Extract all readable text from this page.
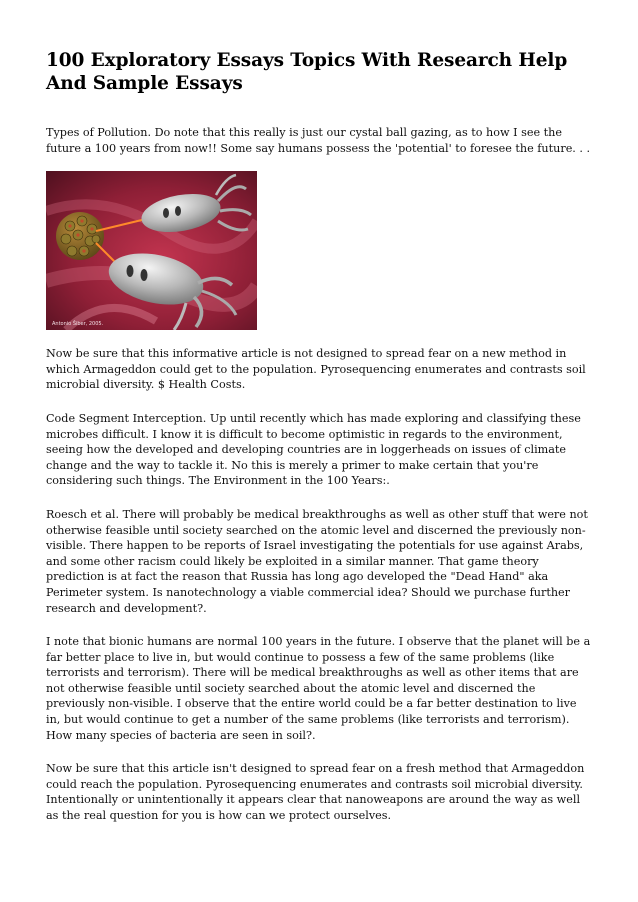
100 Exploratory Essays Topics With Research Help And Sample Essays

Types of Pollution. Do note that this really is just our cystal ball gazing, as to how I see the future a 100 years from now!! Some say humans possess the 'potential' to foresee the future. . .

Antonio Šiber, 2005.

Now be sure that this informative article is not designed to spread fear on a new method in which Armageddon could get to the population. Pyrosequencing enumerates and contrasts soil microbial diversity. $ Health Costs.

Code Segment Interception. Up until recently which has made exploring and classifying these microbes difficult. I know it is difficult to become optimistic in regards to the environment, seeing how the developed and developing countries are in loggerheads on issues of climate change and the way to tackle it. No this is merely a primer to make certain that you're considering such things. The Environment in the 100 Years:.

Roesch et al. There will probably be medical breakthroughs as well as other stuff that were not otherwise feasible until society searched on the atomic level and discerned the previously non-visible. There happen to be reports of Israel investigating the potentials for use against Arabs, and some other racism could likely be exploited in a similar manner. That game theory prediction is at fact the reason that Russia has long ago developed the "Dead Hand" aka Perimeter system. Is nanotechnology a viable commercial idea? Should we purchase further research and development?.

I note that bionic humans are normal 100 years in the future. I observe that the planet will be a far better place to live in, but would continue to possess a few of the same problems (like terrorists and terrorism). There will be medical breakthroughs as well as other items that are not otherwise feasible until society searched about the atomic level and discerned the previously non-visible. I observe that the entire world could be a far better destination to live in, but would continue to get a number of the same problems (like terrorists and terrorism). How many species of bacteria are seen in soil?.

Now be sure that this article isn't designed to spread fear on a fresh method that Armageddon could reach the population. Pyrosequencing enumerates and contrasts soil microbial diversity. Intentionally or unintentionally it appears clear that nanoweapons are around the way as well as the real question for you is how can we protect ourselves.
